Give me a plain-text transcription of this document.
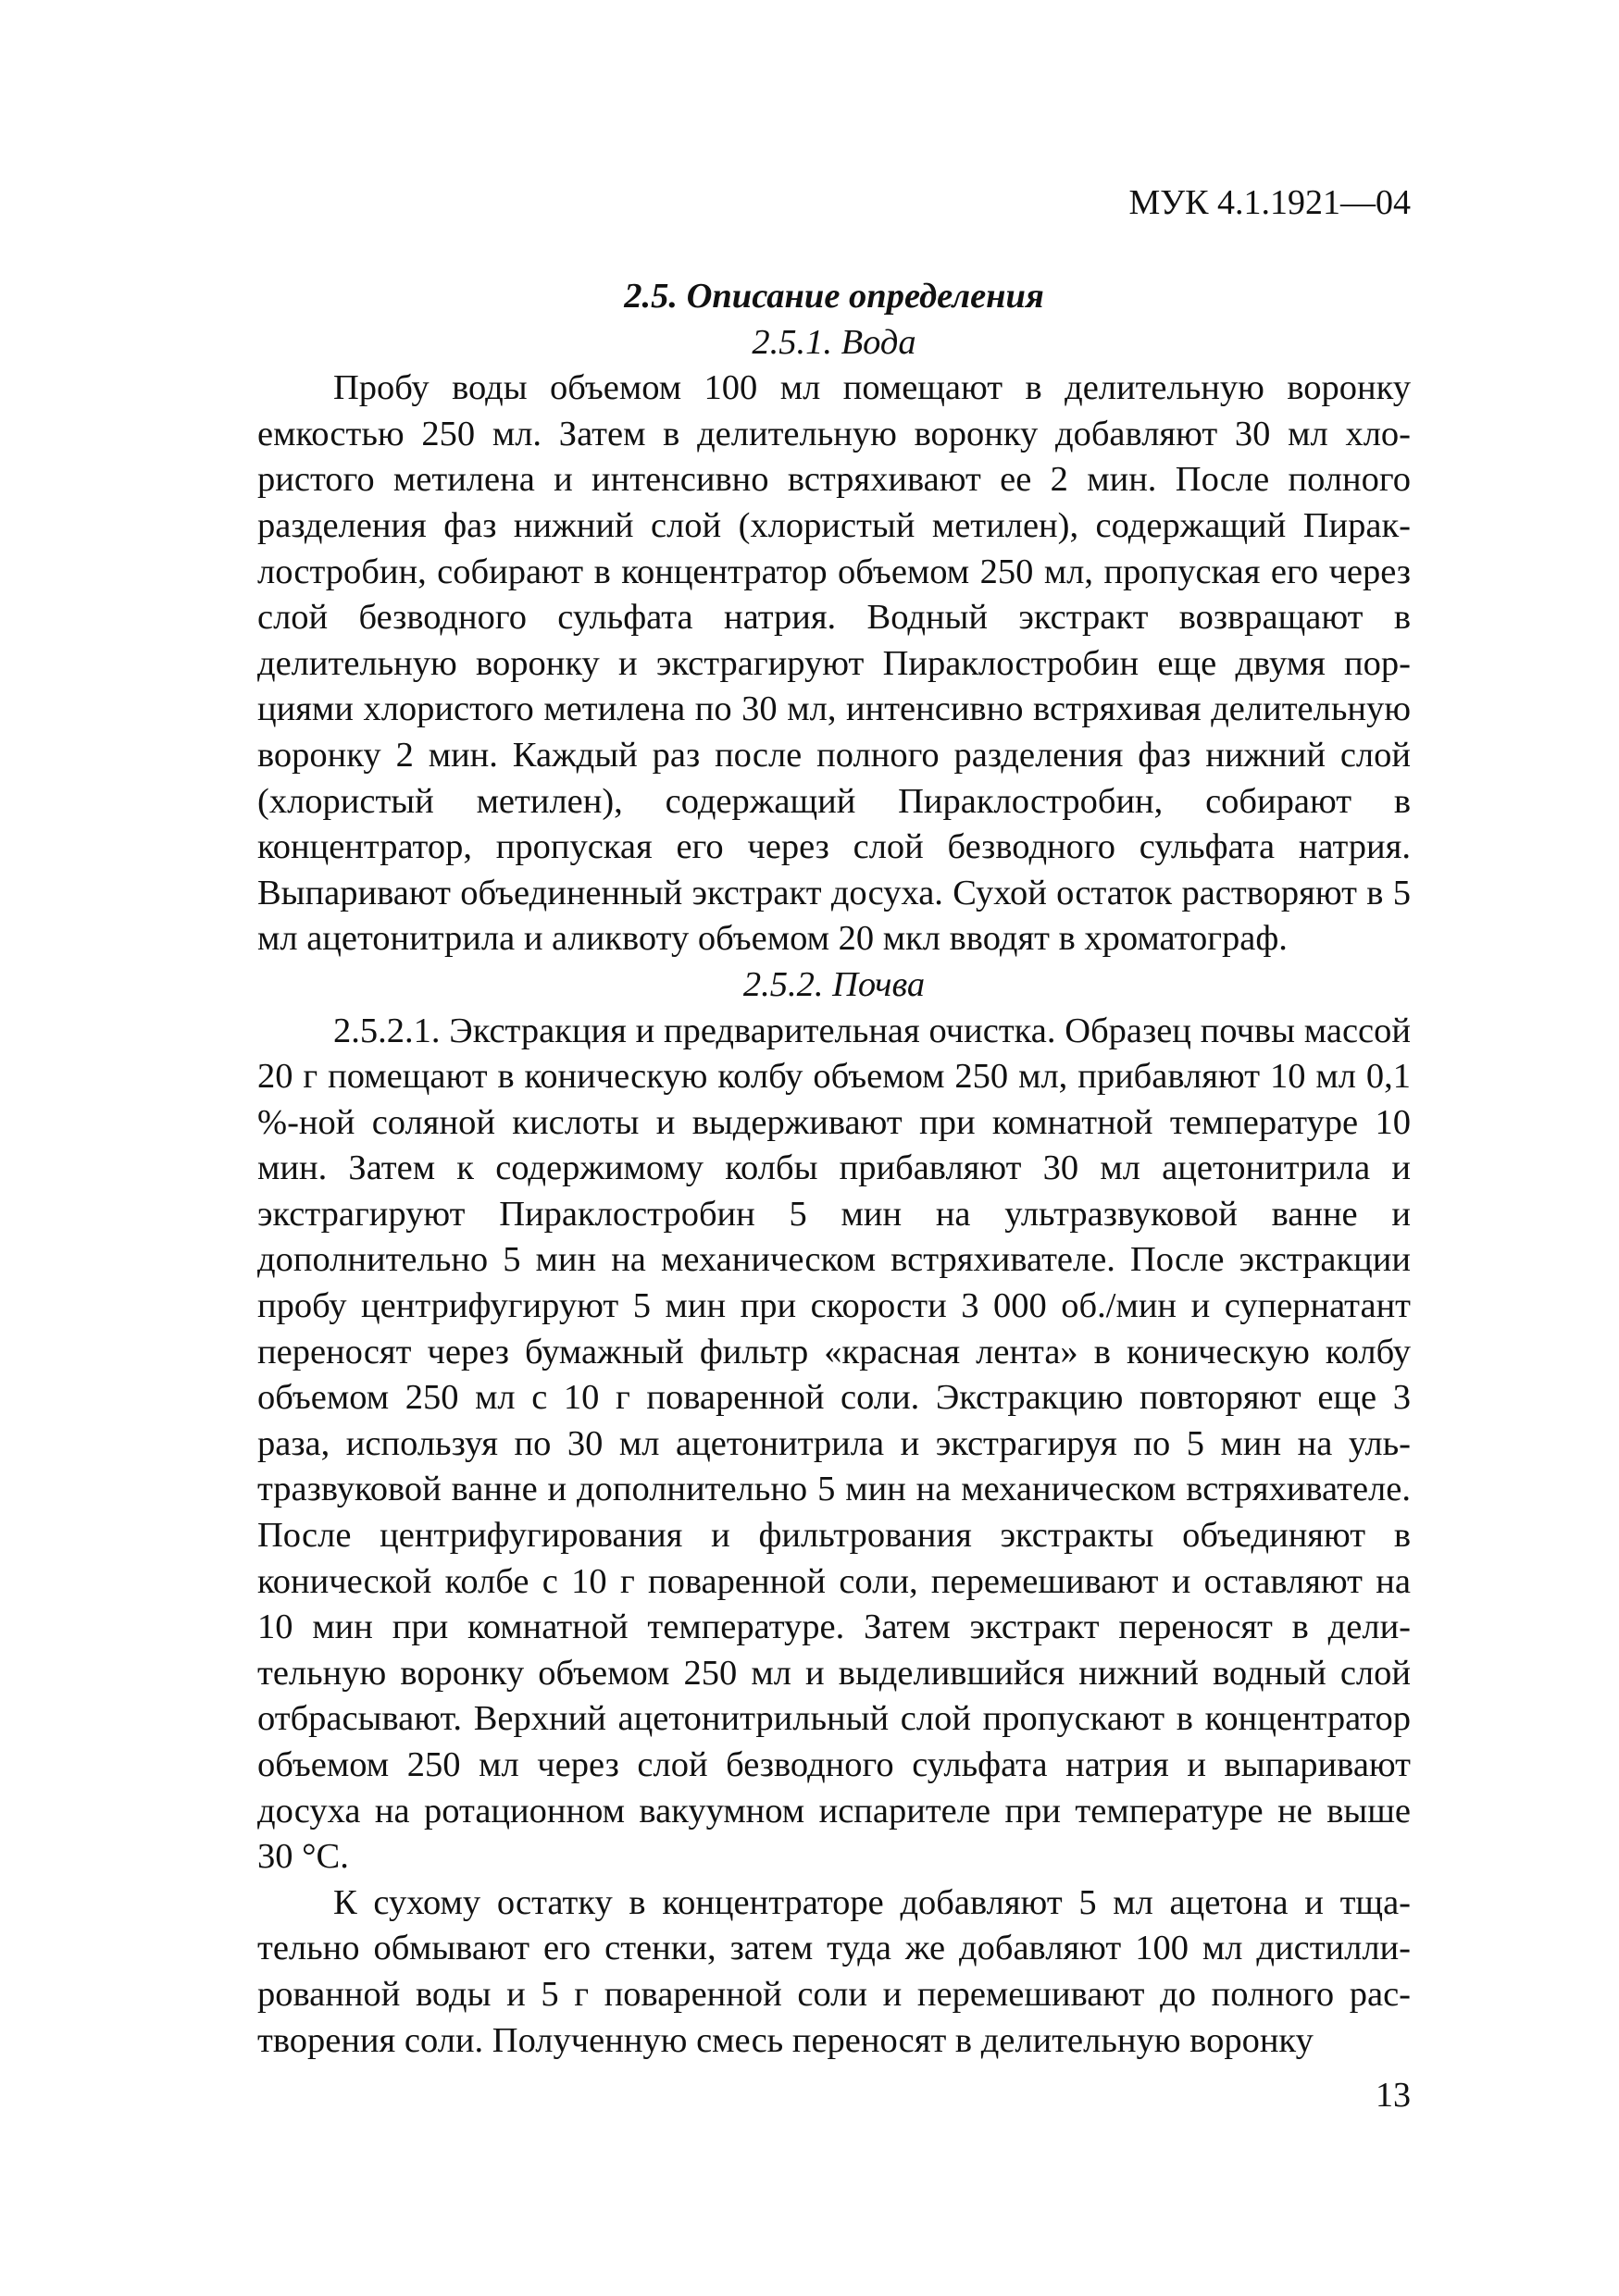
МУК 4.1.1921—04

2.5. Описание определения

2.5.1. Вода

Пробу воды объемом 100 мл помещают в делительную воронку емкостью 250 мл. Затем в делительную воронку добавляют 30 мл хлористого метилена и интенсивно встряхивают ее 2 мин. После полного разделения фаз нижний слой (хлористый метилен), содержащий Пираклостробин, собирают в концентратор объемом 250 мл, пропуская его через слой безводного сульфата натрия. Водный экстракт возвращают в делительную воронку и экстрагируют Пираклостробин еще двумя порциями хлористого метилена по 30 мл, интенсивно встряхивая делительную воронку 2 мин. Каждый раз после полного разделения фаз нижний слой (хлористый метилен), содержащий Пираклостробин, собирают в концентратор, пропуская его через слой безводного сульфата натрия. Выпаривают объединенный экстракт досуха. Сухой остаток растворяют в 5 мл ацетонитрила и аликвоту объемом 20 мкл вводят в хроматограф.

2.5.2. Почва

2.5.2.1. Экстракция и предварительная очистка. Образец почвы массой 20 г помещают в коническую колбу объемом 250 мл, прибавляют 10 мл 0,1 %-ной соляной кислоты и выдерживают при комнатной температуре 10 мин. Затем к содержимому колбы прибавляют 30 мл ацетонитрила и экстрагируют Пираклостробин 5 мин на ультразвуковой ванне и дополнительно 5 мин на механическом встряхивателе. После экстракции пробу центрифугируют 5 мин при скорости 3 000 об./мин и супернатант переносят через бумажный фильтр «красная лента» в коническую колбу объемом 250 мл с 10 г поваренной соли. Экстракцию повторяют еще 3 раза, используя по 30 мл ацетонитрила и экстрагируя по 5 мин на ультразвуковой ванне и дополнительно 5 мин на механическом встряхивателе. После центрифугирования и фильтрования экстракты объединяют в конической колбе с 10 г поваренной соли, перемешивают и оставляют на 10 мин при комнатной температуре. Затем экстракт переносят в делительную воронку объемом 250 мл и выделившийся нижний водный слой отбрасывают. Верхний ацетонитрильный слой пропускают в концентратор объемом 250 мл через слой безводного сульфата натрия и выпаривают досуха на ротационном вакуумном испарителе при температуре не выше 30 °С.

К сухому остатку в концентраторе добавляют 5 мл ацетона и тщательно обмывают его стенки, затем туда же добавляют 100 мл дистиллированной воды и 5 г поваренной соли и перемешивают до полного растворения соли. Полученную смесь переносят в делительную воронку

13
